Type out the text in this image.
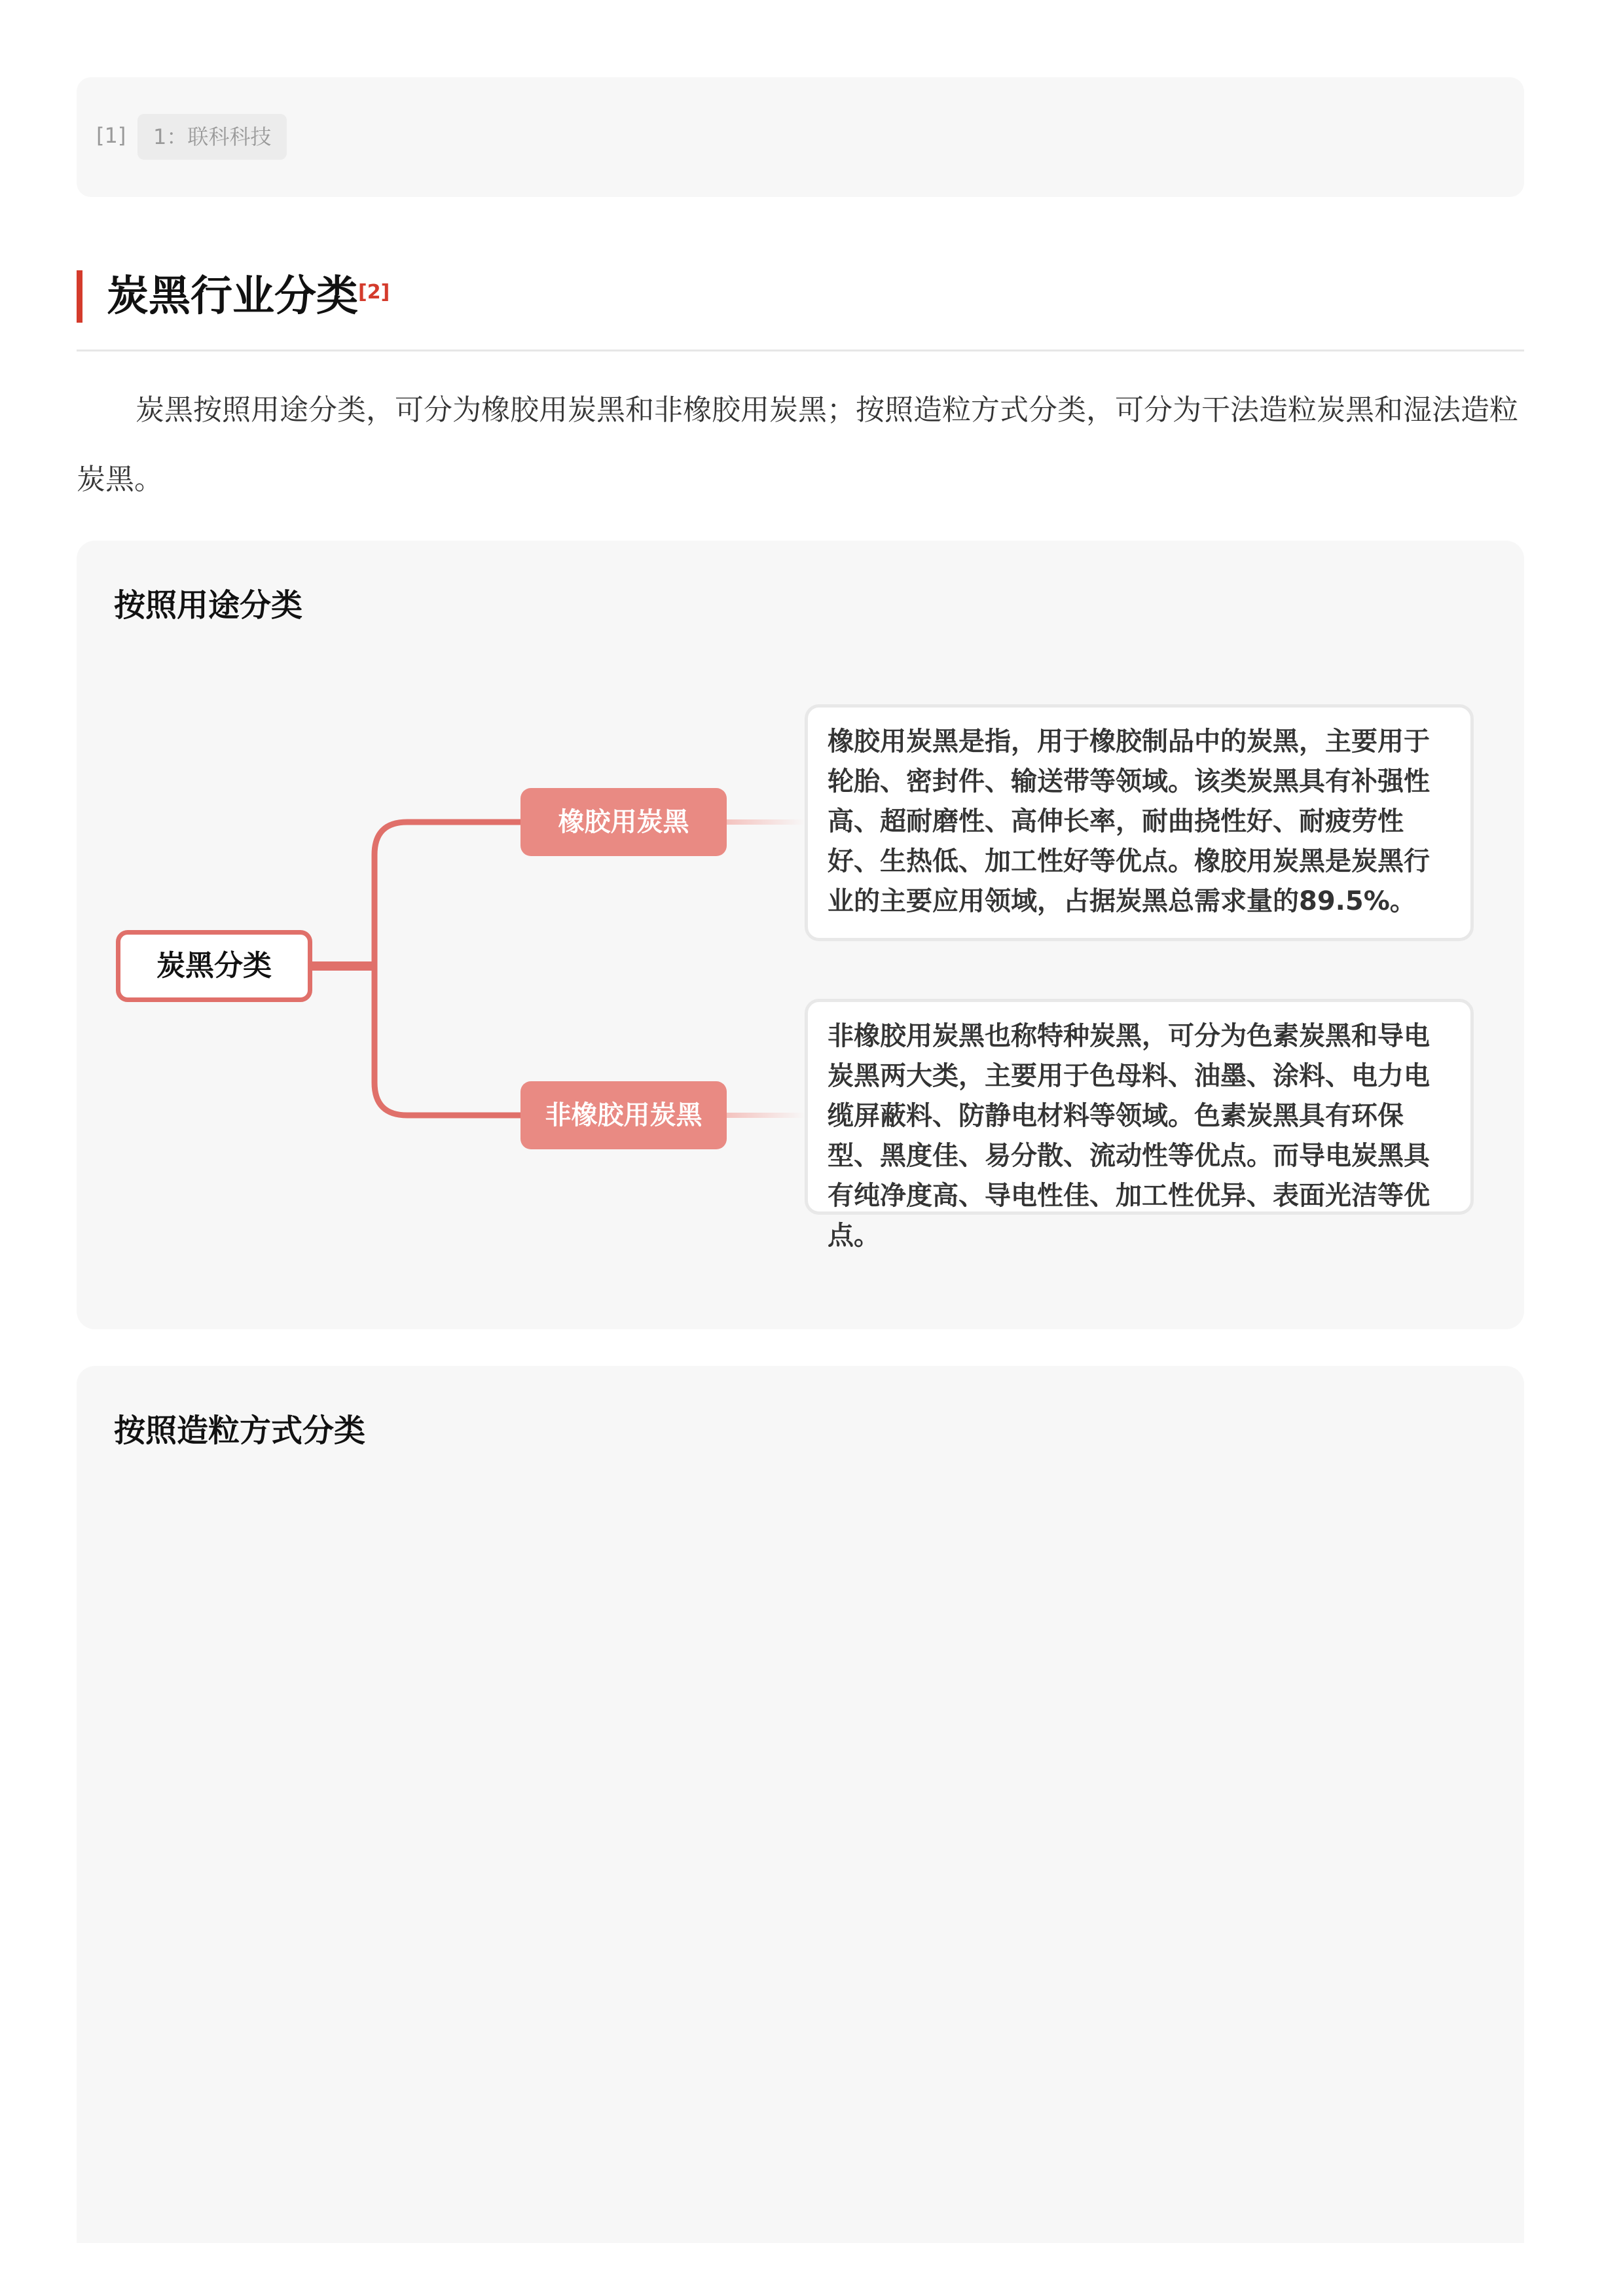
[1]	1：联科科技
炭黑行业分类[2]
炭黑按照用途分类，可分为橡胶用炭黑和非橡胶用炭黑；按照造粒方式分类，可分为干法造粒炭黑和湿法造粒炭黑。
按照用途分类
炭黑分类
橡胶用炭黑
非橡胶用炭黑
橡胶用炭黑是指，用于橡胶制品中的炭黑，主要用于轮胎、密封件、输送带等领域。该类炭黑具有补强性高、超耐磨性、高伸长率，耐曲挠性好、耐疲劳性好、生热低、加工性好等优点。橡胶用炭黑是炭黑行业的主要应用领域，占据炭黑总需求量的89.5%。
非橡胶用炭黑也称特种炭黑，可分为色素炭黑和导电炭黑两大类，主要用于色母料、油墨、涂料、电力电缆屏蔽料、防静电材料等领域。色素炭黑具有环保型、黑度佳、易分散、流动性等优点。而导电炭黑具有纯净度高、导电性佳、加工性优异、表面光洁等优点。
按照造粒方式分类
